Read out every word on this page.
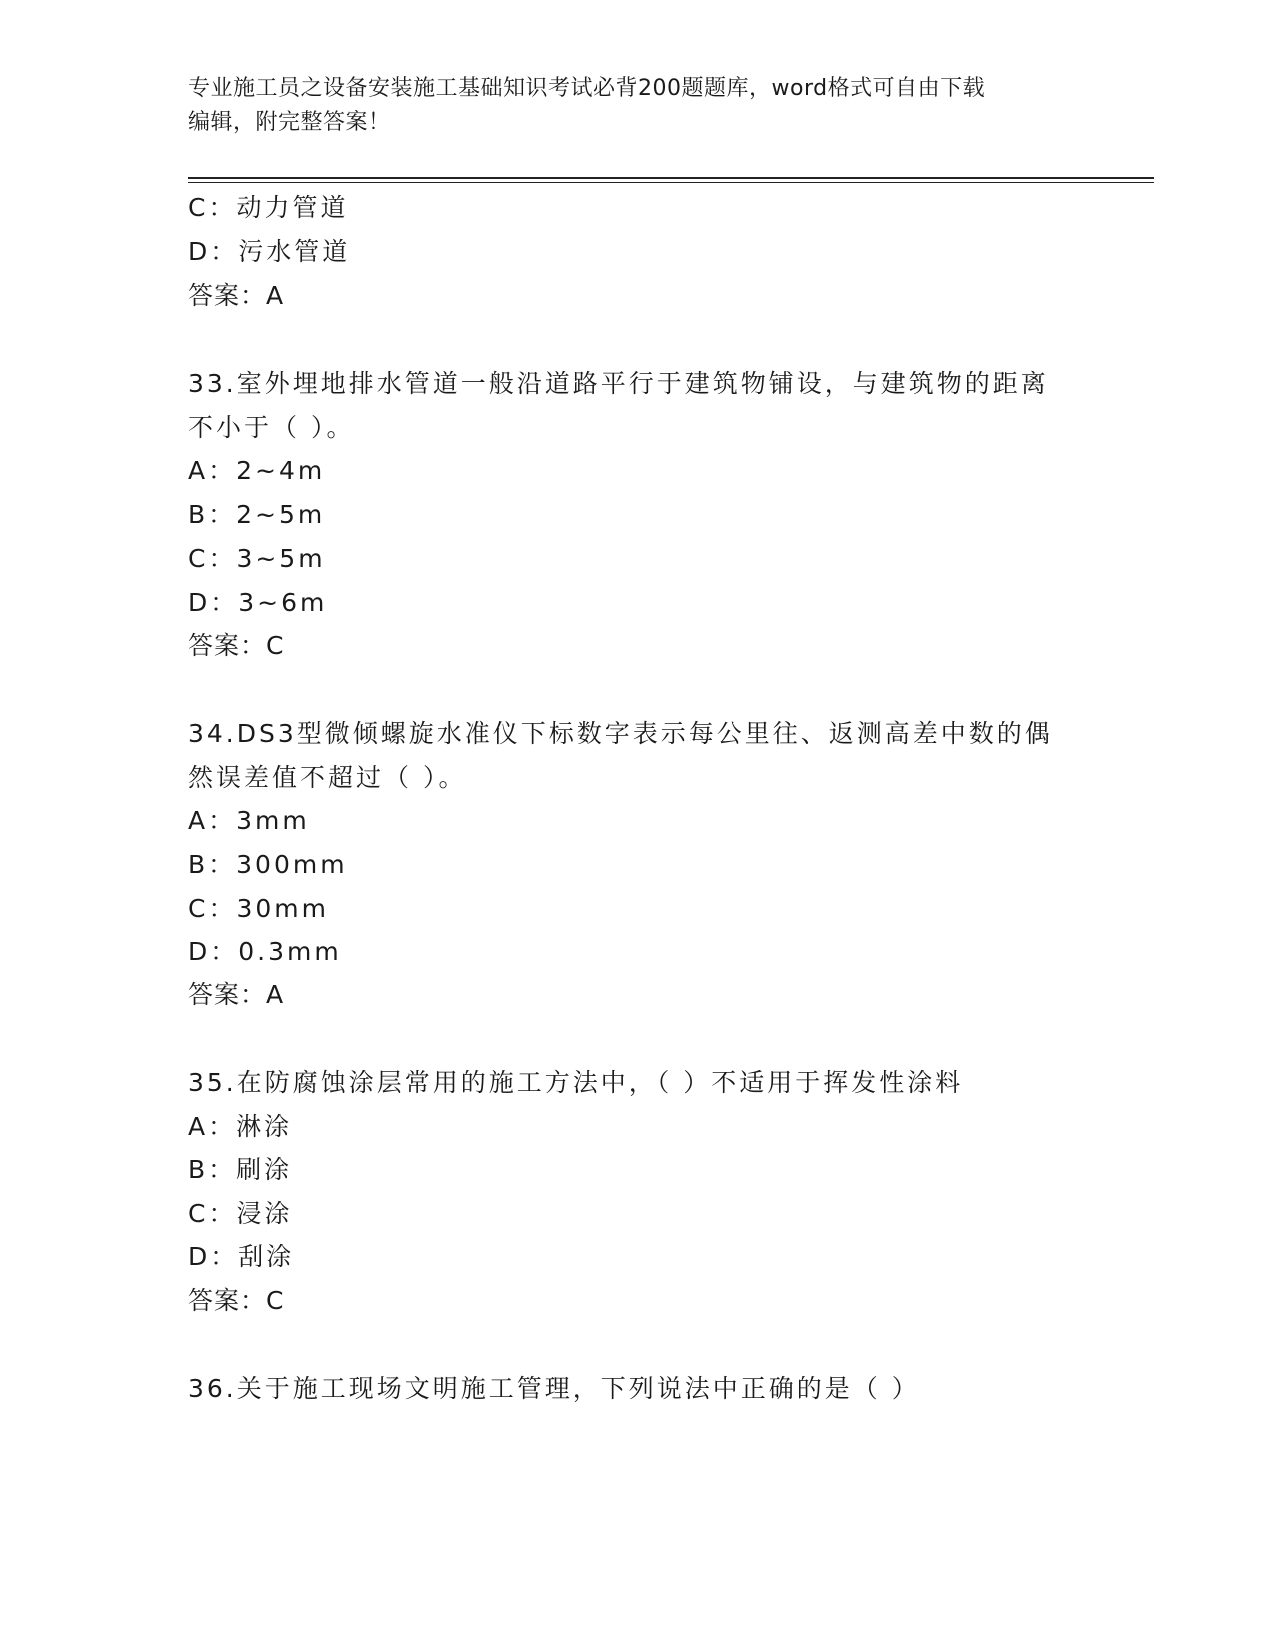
专业施工员之设备安装施工基础知识考试必背200题题库，word格式可自由下载
编辑，附完整答案！
C：动力管道
D：污水管道
答案：A
33.室外埋地排水管道一般沿道路平行于建筑物铺设，与建筑物的距离
不小于（ ）。
A：2~4m
B：2~5m
C：3~5m
D：3~6m
答案：C
34.DS3型微倾螺旋水准仪下标数字表示每公里往、返测高差中数的偶
然误差值不超过（ ）。
A：3mm
B：300mm
C：30mm
D：0.3mm
答案：A
35.在防腐蚀涂层常用的施工方法中，（ ）不适用于挥发性涂料
A：淋涂
B：刷涂
C：浸涂
D：刮涂
答案：C
36.关于施工现场文明施工管理，下列说法中正确的是（ ）
